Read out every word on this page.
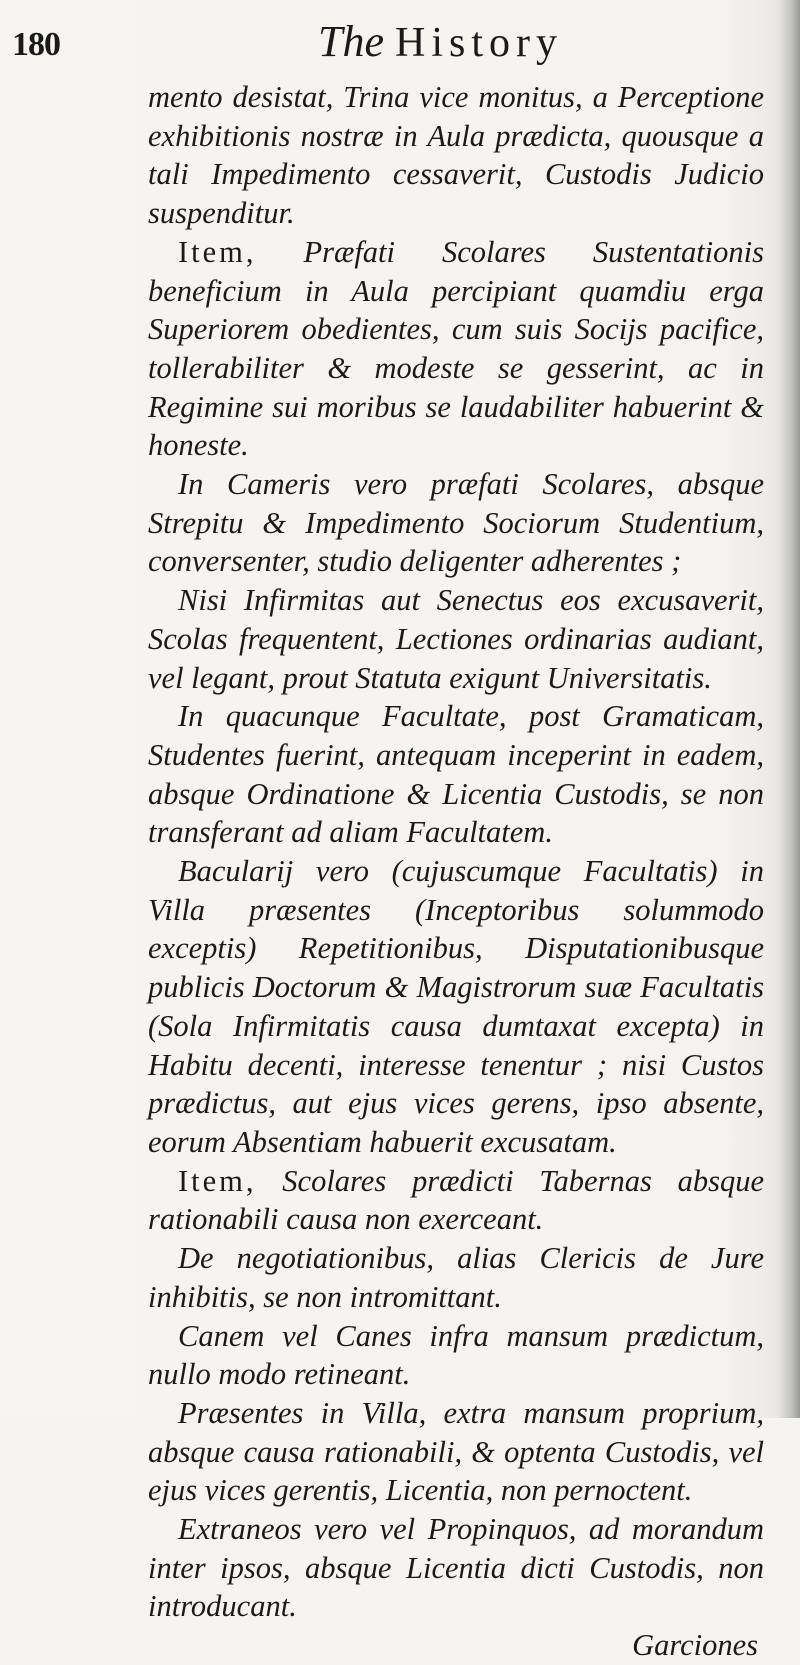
180	The History

mento desistat, Trina vice monitus, a Perceptione exhibitionis nostræ in Aula prædicta, quousque a tali Impedimento cessaverit, Custodis Judicio suspenditur.

Item, Præfati Scolares Sustentationis beneficium in Aula percipiant quamdiu erga Superiorem obedientes, cum suis Socijs pacifice, tollerabiliter & modeste se gesserint, ac in Regimine sui moribus se laudabiliter habuerint & honeste.

In Cameris vero præfati Scolares, absque Strepitu & Impedimento Sociorum Studentium, conversenter, studio deligenter adherentes ;

Nisi Infirmitas aut Senectus eos excusaverit, Scolas frequentent, Lectiones ordinarias audiant, vel legant, prout Statuta exigunt Universitatis.

In quacunque Facultate, post Gramaticam, Studentes fuerint, antequam inceperint in eadem, absque Ordinatione & Licentia Custodis, se non transferant ad aliam Facultatem.

Bacularij vero (cujuscumque Facultatis) in Villa præsentes (Inceptoribus solummodo exceptis) Repetitionibus, Disputationibusque publicis Doctorum & Magistrorum suæ Facultatis (Sola Infirmitatis causa dumtaxat excepta) in Habitu decenti, interesse tenentur ; nisi Custos prædictus, aut ejus vices gerens, ipso absente, eorum Absentiam habuerit excusatam.

Item, Scolares prædicti Tabernas absque rationabili causa non exerceant.

De negotiationibus, alias Clericis de Jure inhibitis, se non intromittant.

Canem vel Canes infra mansum prædictum, nullo modo retineant.

Præsentes in Villa, extra mansum proprium, absque causa rationabili, & optenta Custodis, vel ejus vices gerentis, Licentia, non pernoctent.

Extraneos vero vel Propinquos, ad morandum inter ipsos, absque Licentia dicti Custodis, non introducant.

Garciones
